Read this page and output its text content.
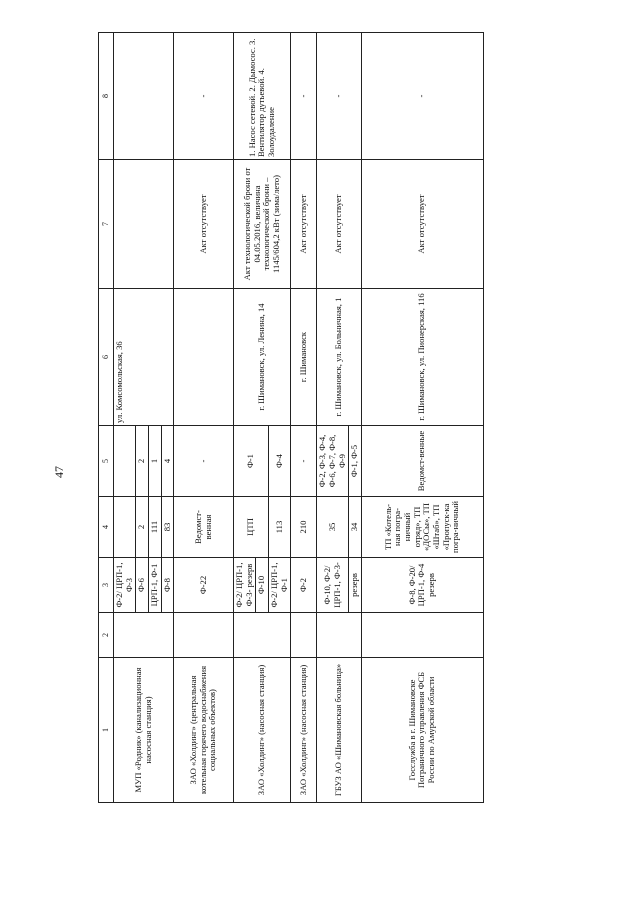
47
1	2	3	4	5	6	7	8
МУП «Родник» (канализационная насосная станция)		Ф-2/ ЦРП-1, Ф-3			ул. Комсомольская, 36		
		Ф-6	2	2			
		ЦРП-1, Ф-1	111	1			
		Ф-8	83	4			
ЗАО «Холдинг» (центральная котельная горячего водоснабжения социальных объектов)		Ф-22	Ведомст-венная	-		Акт отсутствует	-
ЗАО «Холдинг» (насосная станция)		Ф-2/ ЦРП-1, Ф-3- резерв	ЦТП	Ф-1	г. Шимановск, ул. Ленина, 14	Акт технологической брони от 04.05.2016, величина технологической брони – 1145/604,2 кВт (зима/лето)	1. Насос сетевой. 2. Дымосос. 3. Вентилятор дутьевой. 4. Золоудаление
		Ф-10					
		Ф-2/ ЦРП-1, Ф-1	113	Ф-4			
ЗАО «Холдинг» (насосная станция)		Ф-2	210	-	г. Шимановск	Акт отсутствует	-
ГБУЗ АО «Шимановская больница»		Ф-10, Ф-2/ ЦРП-1, Ф-3-	35	Ф-2, Ф-3, Ф-4, Ф-6, Ф-7, Ф-8, Ф-9	г. Шимановск, ул. Больничная, 1	Акт отсутствует	-
		резерв	34	Ф-1, Ф-5			
Госслужба в г. Шимановске Пограничного управления ФСБ России по Амурской области		Ф-8, Ф-20/ ЦРП-1, Ф-4 резерв	ТП «Котель-ная погра-ничный отряд», ТП «ДОСы», ТП «Штаб», ТП «Пропуск-ка погра-ничный	Ведомст-венные	г. Шимановск, ул. Пионерская, 116	Акт отсутствует	-
